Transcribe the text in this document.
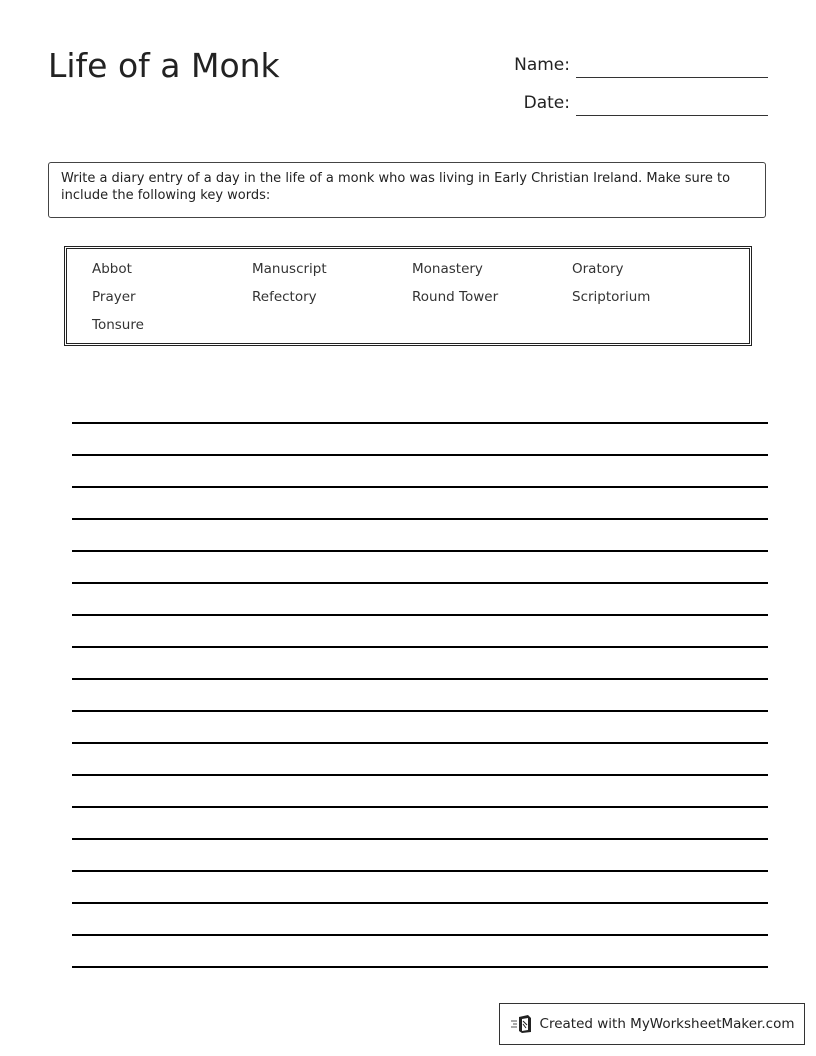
Life of a Monk	Name:
Date:
Write a diary entry of a day in the life of a monk who was living in Early Christian Ireland. Make sure to include the following key words:
Abbot	Manuscript	Monastery	Oratory
Prayer	Refectory	Round Tower	Scriptorium
Tonsure
Created with MyWorksheetMaker.com
